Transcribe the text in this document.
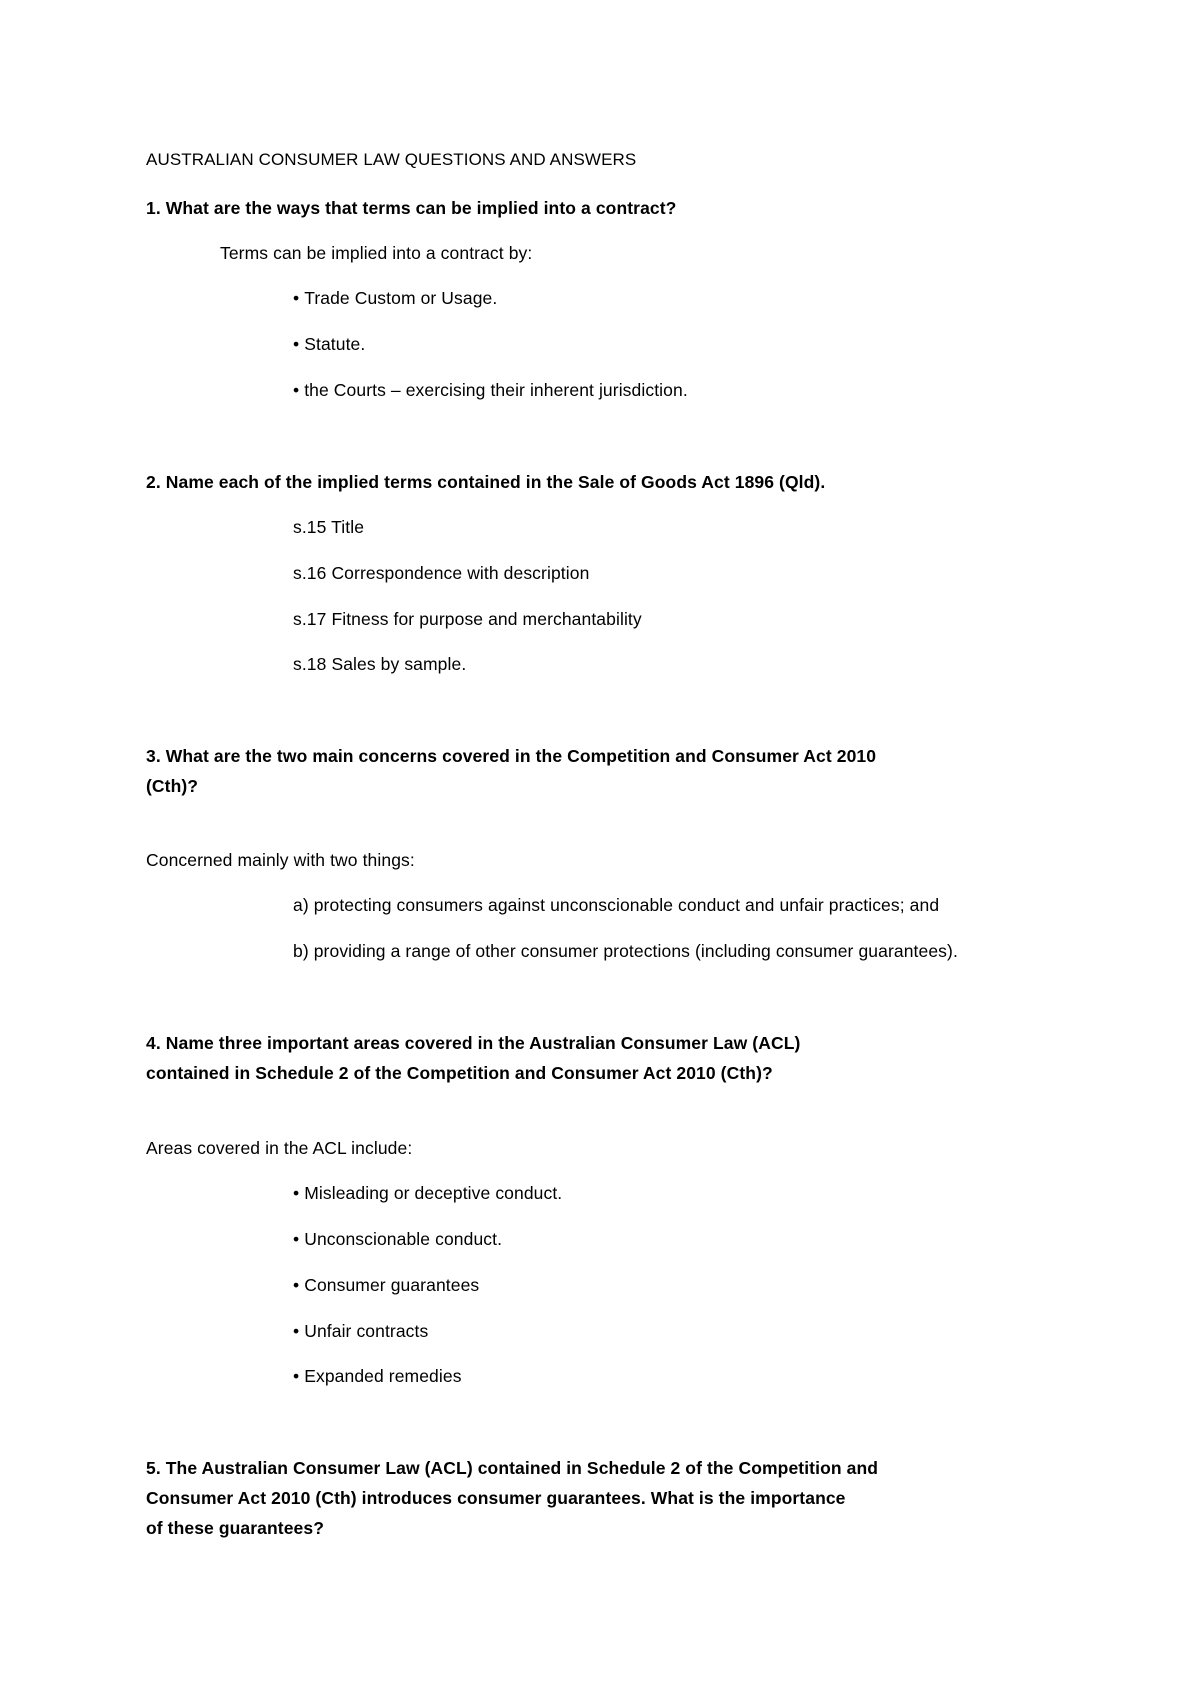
AUSTRALIAN CONSUMER LAW QUESTIONS AND ANSWERS
1. What are the ways that terms can be implied into a contract?
Terms can be implied into a contract by:
• Trade Custom or Usage.
• Statute.
• the Courts – exercising their inherent jurisdiction.
2. Name each of the implied terms contained in the Sale of Goods Act 1896 (Qld).
s.15 Title
s.16 Correspondence with description
s.17 Fitness for purpose and merchantability
s.18 Sales by sample.
3. What are the two main concerns covered in the Competition and Consumer Act 2010
(Cth)?
Concerned mainly with two things:
a) protecting consumers against unconscionable conduct and unfair practices; and
b) providing a range of other consumer protections (including consumer guarantees).
4. Name three important areas covered in the Australian Consumer Law (ACL)
contained in Schedule 2 of the Competition and Consumer Act 2010 (Cth)?
Areas covered in the ACL include:
• Misleading or deceptive conduct.
• Unconscionable conduct.
• Consumer guarantees
• Unfair contracts
• Expanded remedies
5. The Australian Consumer Law (ACL) contained in Schedule 2 of the Competition and
Consumer Act 2010 (Cth) introduces consumer guarantees. What is the importance
of these guarantees?
